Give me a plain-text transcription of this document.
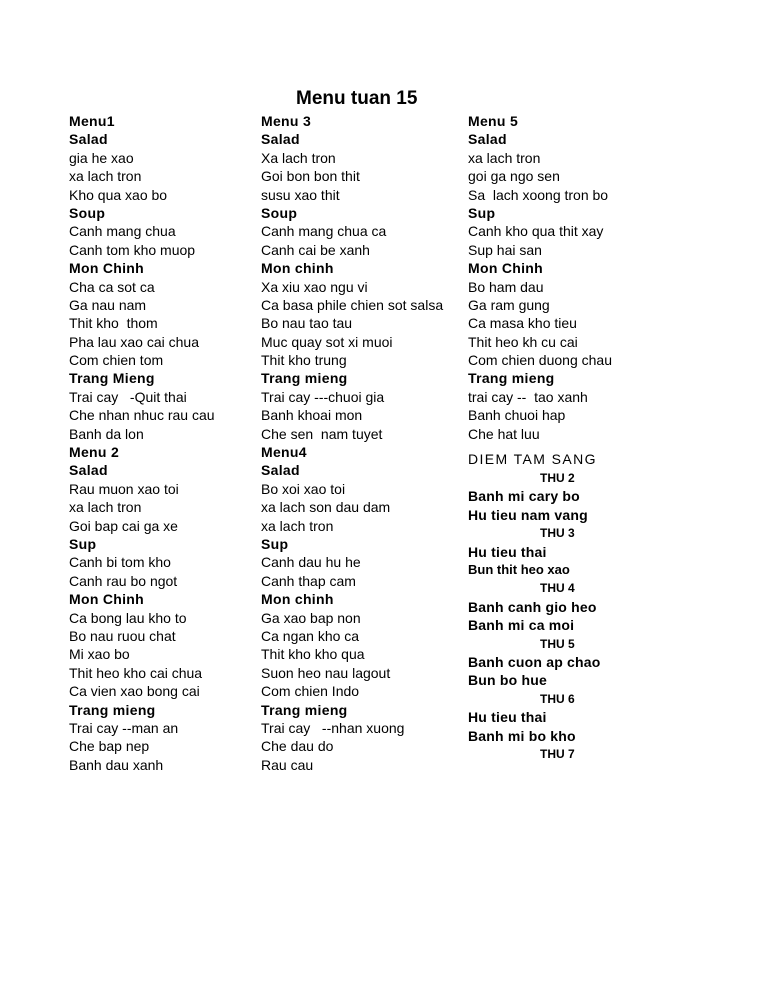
Menu tuan 15
Menu1
Salad
gia he xao
xa lach tron
Kho qua xao bo
Soup
Canh mang chua
Canh tom kho muop
Mon Chinh
Cha ca sot ca
Ga nau nam
Thit kho  thom
Pha lau xao cai chua
Com chien tom
Trang Mieng
Trai cay   -Quit thai
Che nhan nhuc rau cau
Banh da lon
Menu 2
Salad
Rau muon xao toi
xa lach tron
Goi bap cai ga xe
Sup
Canh bi tom kho
Canh rau bo ngot
Mon Chinh
Ca bong lau kho to
Bo nau ruou chat
Mi xao bo
Thit heo kho cai chua
Ca vien xao bong cai
Trang mieng
Trai cay --man an
Che bap nep
Banh dau xanh
Menu 3
Salad
Xa lach tron
Goi bon bon thit
susu xao thit
Soup
Canh mang chua ca
Canh cai be xanh
Mon chinh
Xa xiu xao ngu vi
Ca basa phile chien sot salsa
Bo nau tao tau
Muc quay sot xi muoi
Thit kho trung
Trang mieng
Trai cay ---chuoi gia
Banh khoai mon
Che sen  nam tuyet
Menu4
Salad
Bo xoi xao toi
xa lach son dau dam
xa lach tron
Sup
Canh dau hu he
Canh thap cam
Mon chinh
Ga xao bap non
Ca ngan kho ca
Thit kho kho qua
Suon heo nau lagout
Com chien Indo
Trang mieng
Trai cay   --nhan xuong
Che dau do
Rau cau
Menu 5
Salad
xa lach tron
goi ga ngo sen
Sa  lach xoong tron bo
Sup
Canh kho qua thit xay
Sup hai san
Mon Chinh
Bo ham dau
Ga ram gung
Ca masa kho tieu
Thit heo kh cu cai
Com chien duong chau
Trang mieng
trai cay --  tao xanh
Banh chuoi hap
Che hat luu
DIEM TAM SANG
THU 2
Banh mi cary bo
Hu tieu nam vang
THU 3
Hu tieu thai
Bun thit heo xao
THU 4
Banh canh gio heo
Banh mi ca moi
THU 5
Banh cuon ap chao
Bun bo hue
THU 6
Hu tieu thai
Banh mi bo kho
THU 7
